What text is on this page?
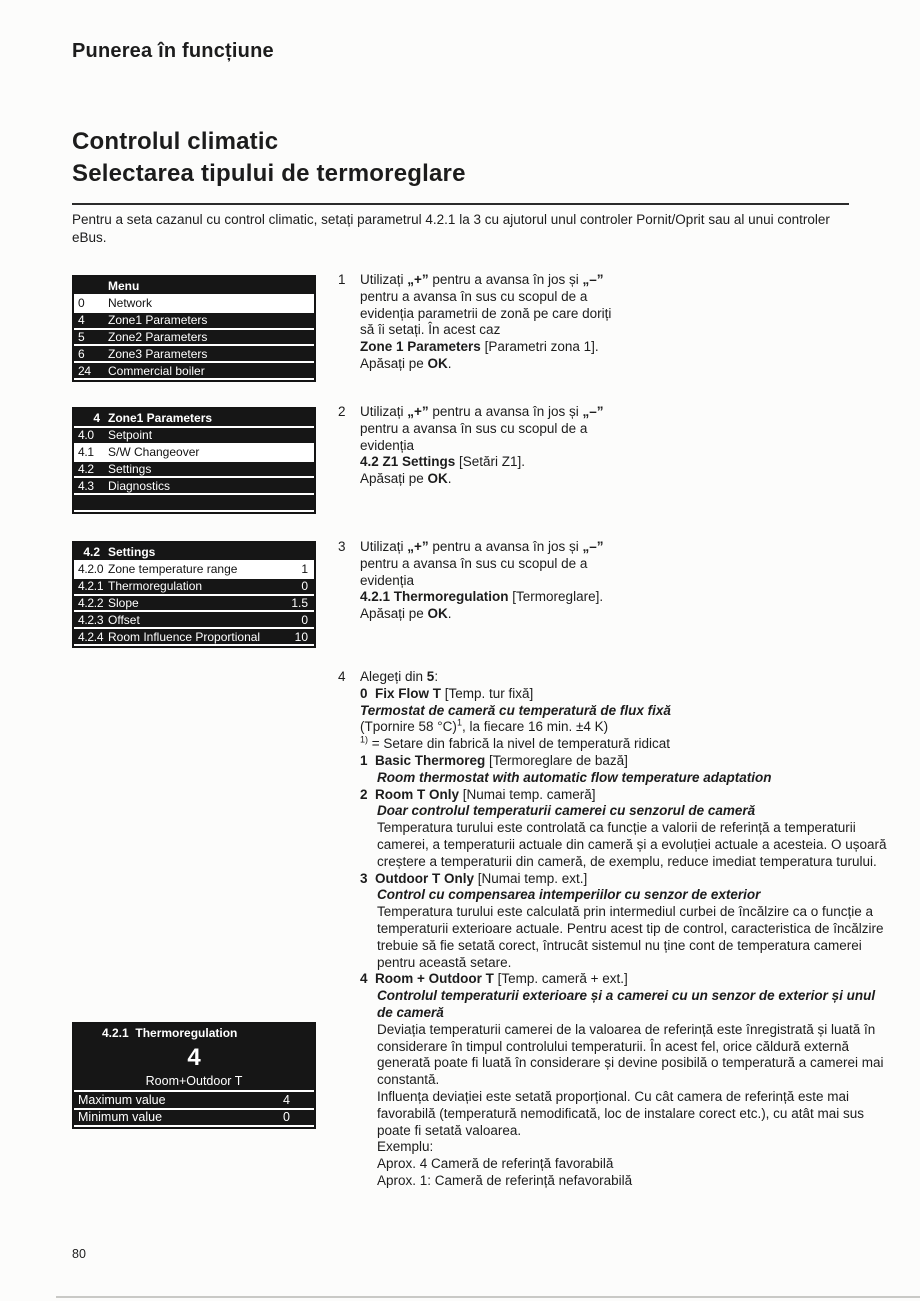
Punerea în funcțiune
Controlul climatic
Selectarea tipului de termoreglare
Pentru a seta cazanul cu control climatic, setați parametrul 4.2.1 la 3 cu ajutorul unul controler Pornit/Oprit sau al unui controler eBus.
Menu
0	Network
4	Zone1 Parameters
5	Zone2 Parameters
6	Zone3 Parameters
24	Commercial boiler
4 Zone1 Parameters
4.0	Setpoint
4.1	S/W Changeover
4.2	Settings
4.3	Diagnostics
4.2 Settings
4.2.0 Zone temperature range	1
4.2.1 Thermoregulation	0
4.2.2 Slope	1.5
4.2.3 Offset	0
4.2.4 Room Influence Proportional	10
4.2.1  Thermoregulation
4
Room+Outdoor T
Maximum value	4
Minimum value	0
1	Utilizați „+” pentru a avansa în jos și „–”
pentru a avansa în sus cu scopul de a
evidenția parametrii de zonă pe care doriți
să îi setați. În acest caz
Zone 1 Parameters [Parametri zona 1].
Apăsați pe OK.
2	Utilizați „+” pentru a avansa în jos și „–”
pentru a avansa în sus cu scopul de a
evidenția
4.2 Z1 Settings [Setări Z1].
Apăsați pe OK.
3	Utilizați „+” pentru a avansa în jos și „–”
pentru a avansa în sus cu scopul de a
evidenția
4.2.1 Thermoregulation [Termoreglare].
Apăsați pe OK.
4	Alegeți din 5:
0  Fix Flow T [Temp. tur fixă]
Termostat de cameră cu temperatură de flux fixă
(Tpornire 58 °C)$^1$, la fiecare 16 min. ±4 K)
$^{1)}$ = Setare din fabrică la nivel de temperatură ridicat
1  Basic Thermoreg [Termoreglare de bază]
Room thermostat with automatic flow temperature adaptation
2  Room T Only [Numai temp. cameră]
Doar controlul temperaturii camerei cu senzorul de cameră
Temperatura turului este controlată ca funcție a valorii de referință a temperaturii camerei, a temperaturii actuale din cameră și a evoluției actuale a acesteia. O ușoară creștere a temperaturii din cameră, de exemplu, reduce imediat temperatura turului.
3  Outdoor T Only [Numai temp. ext.]
Control cu compensarea intemperiilor cu senzor de exterior
Temperatura turului este calculată prin intermediul curbei de încălzire ca o funcție a temperaturii exterioare actuale. Pentru acest tip de control, caracteristica de încălzire trebuie să fie setată corect, întrucât sistemul nu ține cont de temperatura camerei pentru această setare.
4  Room + Outdoor T [Temp. cameră + ext.]
Controlul temperaturii exterioare și a camerei cu un senzor de exterior și unul de cameră
Deviația temperaturii camerei de la valoarea de referință este înregistrată și luată în considerare în timpul controlului temperaturii. În acest fel, orice căldură externă generată poate fi luată în considerare și devine posibilă o temperatură a camerei mai constantă.
Influența deviației este setată proporțional. Cu cât camera de referință este mai favorabilă (temperatură nemodificată, loc de instalare corect etc.), cu atât mai sus poate fi setată valoarea.
Exemplu:
Aprox. 4 Cameră de referință favorabilă
Aprox. 1: Cameră de referință nefavorabilă
80
